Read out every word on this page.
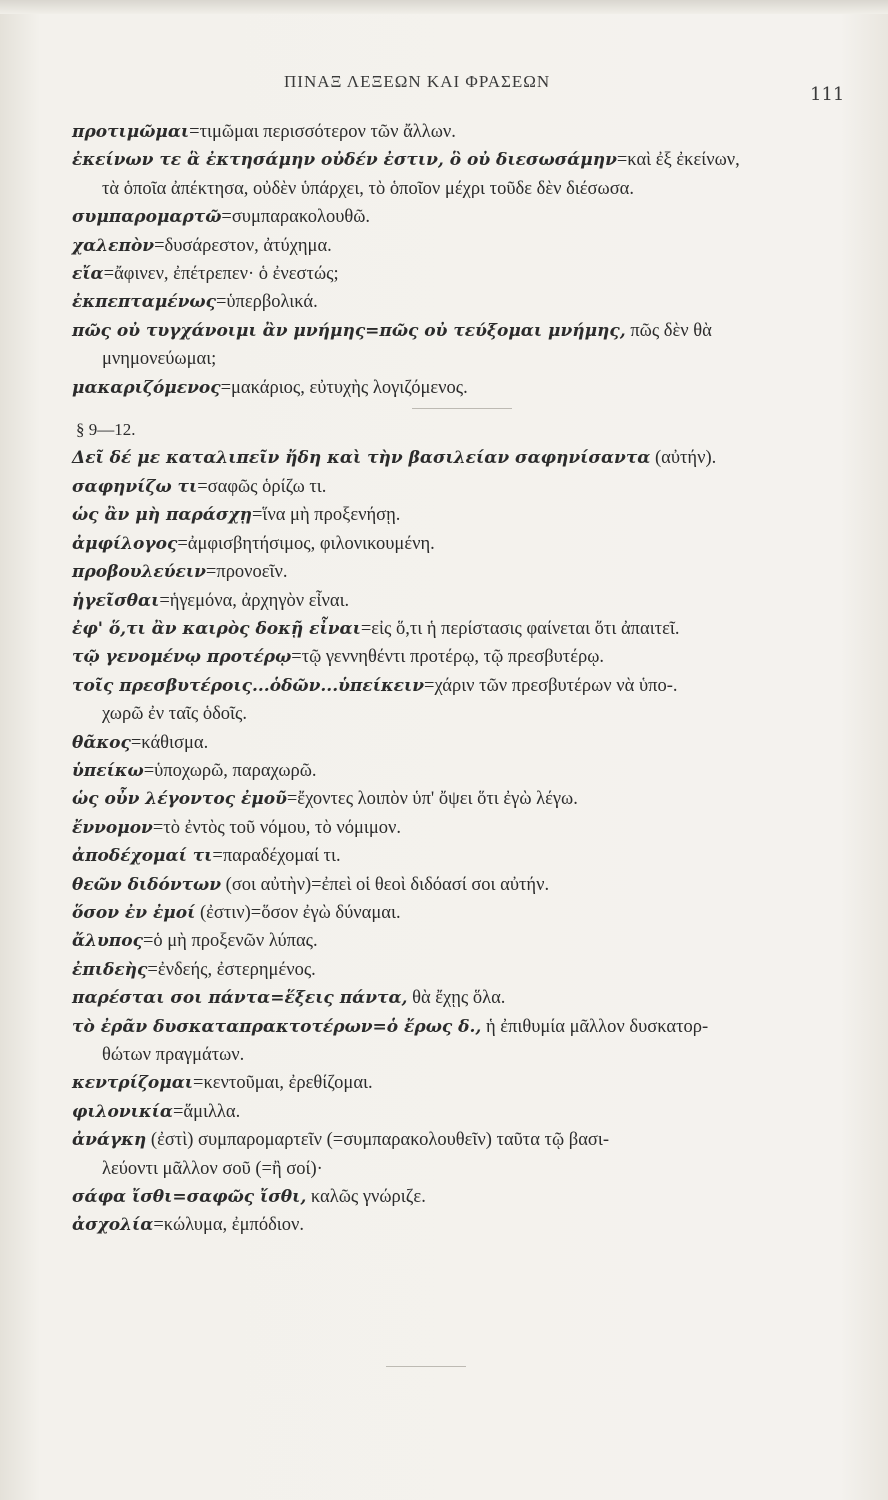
ΠΙΝΑΞ ΛΕΞΕΩΝ ΚΑΙ ΦΡΑΣΕΩΝ
111
προτιμῶμαι=τιμῶμαι περισσότερον τῶν ἄλλων.
ἐκείνων τε ἃ ἐκτησάμην οὐδέν ἐστιν, ὃ οὐ διεσωσάμην=καὶ ἐξ ἐκείνων,
τὰ ὁποῖα ἀπέκτησα, οὐδὲν ὑπάρχει, τὸ ὁποῖον μέχρι τοῦδε δὲν διέσωσα.
συμπαρομαρτῶ=συμπαρακολουθῶ.
χαλεπὸν=δυσάρεστον, ἀτύχημα.
εἴα=ἄφινεν, ἐπέτρεπεν· ὁ ἐνεστώς;
ἐκπεπταμένως=ὑπερβολικά.
πῶς οὐ τυγχάνοιμι ἂν μνήμης=πῶς οὐ τεύξομαι μνήμης, πῶς δὲν θὰ
μνημονεύωμαι;
μακαριζόμενος=μακάριος, εὐτυχὴς λογιζόμενος.
§ 9—12.
Δεῖ δέ με καταλιπεῖν ἤδη καὶ τὴν βασιλείαν σαφηνίσαντα (αὐτήν).
σαφηνίζω τι=σαφῶς ὁρίζω τι.
ὡς ἂν μὴ παράσχῃ=ἵνα μὴ προξενήσῃ.
ἀμφίλογος=ἀμφισβητήσιμος, φιλονικουμένη.
προβουλεύειν=προνοεῖν.
ἡγεῖσθαι=ἡγεμόνα, ἀρχηγὸν εἶναι.
ἐφ' ὅ,τι ἂν καιρὸς δοκῇ εἶναι=εἰς ὅ,τι ἡ περίστασις φαίνεται ὅτι ἀπαιτεῖ.
τῷ γενομένῳ προτέρῳ=τῷ γεννηθέντι προτέρῳ, τῷ πρεσβυτέρῳ.
τοῖς πρεσβυτέροις...ὁδῶν...ὑπείκειν=χάριν τῶν πρεσβυτέρων νὰ ὑπο-.
χωρῶ ἐν ταῖς ὁδοῖς.
θᾶκος=κάθισμα.
ὑπείκω=ὑποχωρῶ, παραχωρῶ.
ὡς οὖν λέγοντος ἐμοῦ=ἔχοντες λοιπὸν ὑπ' ὄψει ὅτι ἐγὼ λέγω.
ἔννομον=τὸ ἐντὸς τοῦ νόμου, τὸ νόμιμον.
ἀποδέχομαί τι=παραδέχομαί τι.
θεῶν διδόντων (σοι αὐτὴν)=ἐπεὶ οἱ θεοὶ διδόασί σοι αὐτήν.
ὅσον ἐν ἐμοί (ἐστιν)=ὅσον ἐγὼ δύναμαι.
ἄλυπος=ὁ μὴ προξενῶν λύπας.
ἐπιδεὴς=ἐνδεής, ἐστερημένος.
παρέσται σοι πάντα=ἕξεις πάντα, θὰ ἔχῃς ὅλα.
τὸ ἐρᾶν δυσκαταπρακτοτέρων=ὁ ἔρως δ., ἡ ἐπιθυμία μᾶλλον δυσκατορ-
θώτων πραγμάτων.
κεντρίζομαι=κεντοῦμαι, ἐρεθίζομαι.
φιλονικία=ἅμιλλα.
ἀνάγκη (ἐστὶ) συμπαρομαρτεῖν (=συμπαρακολουθεῖν) ταῦτα τῷ βασι-
λεύοντι μᾶλλον σοῦ (=ἢ σοί)·
σάφα ἴσθι=σαφῶς ἴσθι, καλῶς γνώριζε.
ἀσχολία=κώλυμα, ἐμπόδιον.
